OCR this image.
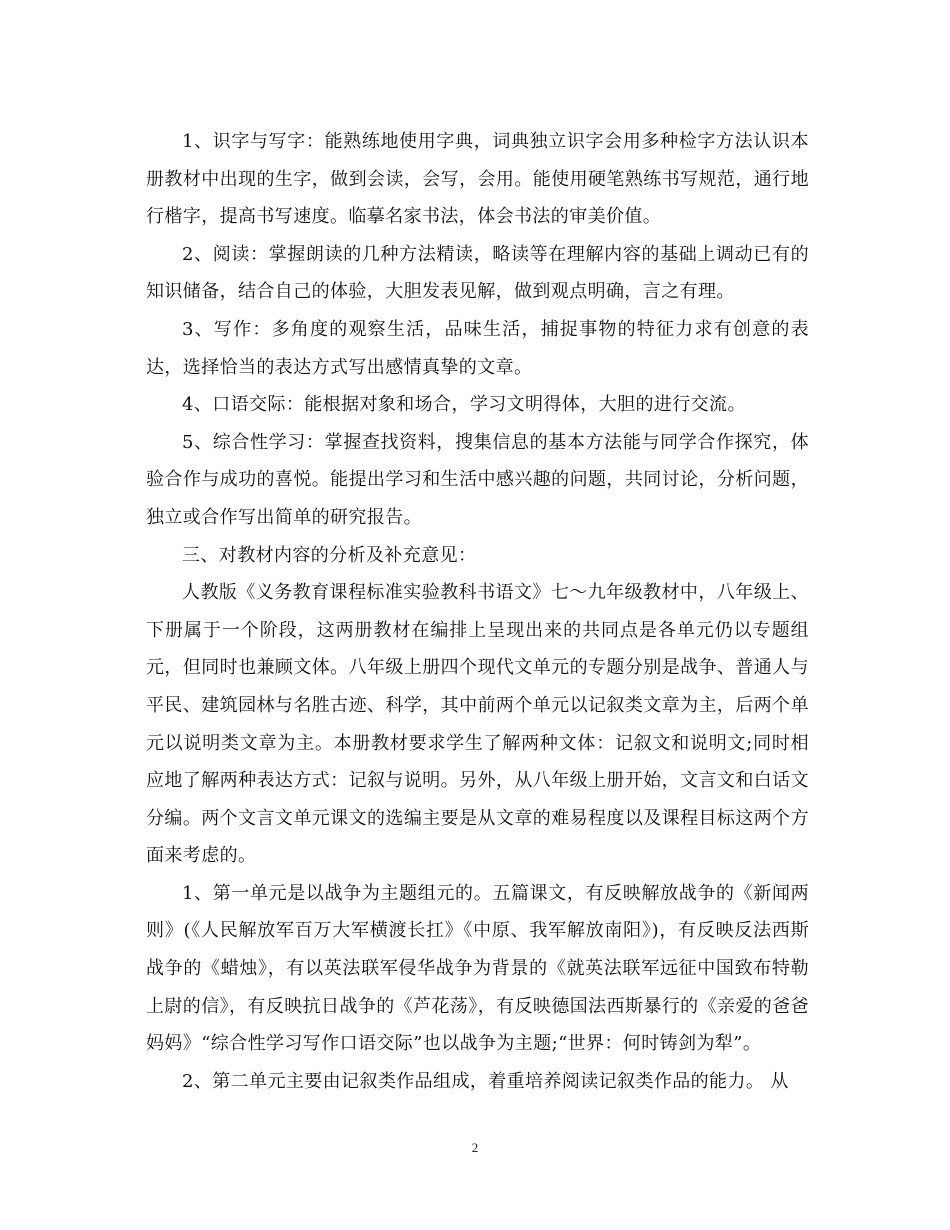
1、识字与写字：能熟练地使用字典，词典独立识字会用多种检字方法认识本册教材中出现的生字，做到会读，会写，会用。能使用硬笔熟练书写规范，通行地行楷字，提高书写速度。临摹名家书法，体会书法的审美价值。

2、阅读：掌握朗读的几种方法精读，略读等在理解内容的基础上调动已有的知识储备，结合自己的体验，大胆发表见解，做到观点明确，言之有理。

3、写作：多角度的观察生活，品味生活，捕捉事物的特征力求有创意的表达，选择恰当的表达方式写出感情真挚的文章。

4、口语交际：能根据对象和场合，学习文明得体，大胆的进行交流。

5、综合性学习：掌握查找资料，搜集信息的基本方法能与同学合作探究，体验合作与成功的喜悦。能提出学习和生活中感兴趣的问题，共同讨论，分析问题，独立或合作写出简单的研究报告。

三、对教材内容的分析及补充意见：

人教版《义务教育课程标准实验教科书语文》七～九年级教材中，八年级上、下册属于一个阶段，这两册教材在编排上呈现出来的共同点是各单元仍以专题组元，但同时也兼顾文体。八年级上册四个现代文单元的专题分别是战争、普通人与平民、建筑园林与名胜古迹、科学，其中前两个单元以记叙类文章为主，后两个单元以说明类文章为主。本册教材要求学生了解两种文体：记叙文和说明文;同时相应地了解两种表达方式：记叙与说明。另外，从八年级上册开始，文言文和白话文分编。两个文言文单元课文的选编主要是从文章的难易程度以及课程目标这两个方面来考虑的。

1、第一单元是以战争为主题组元的。五篇课文，有反映解放战争的《新闻两则》(《人民解放军百万大军横渡长扛》《中原、我军解放南阳》)，有反映反法西斯战争的《蜡烛》，有以英法联军侵华战争为背景的《就英法联军远征中国致布特勒上尉的信》，有反映抗日战争的《芦花荡》，有反映德国法西斯暴行的《亲爱的爸爸妈妈》“综合性学习写作口语交际”也以战争为主题;“世界：何时铸剑为犁”。

2、第二单元主要由记叙类作品组成，着重培养阅读记叙类作品的能力。 从

2
